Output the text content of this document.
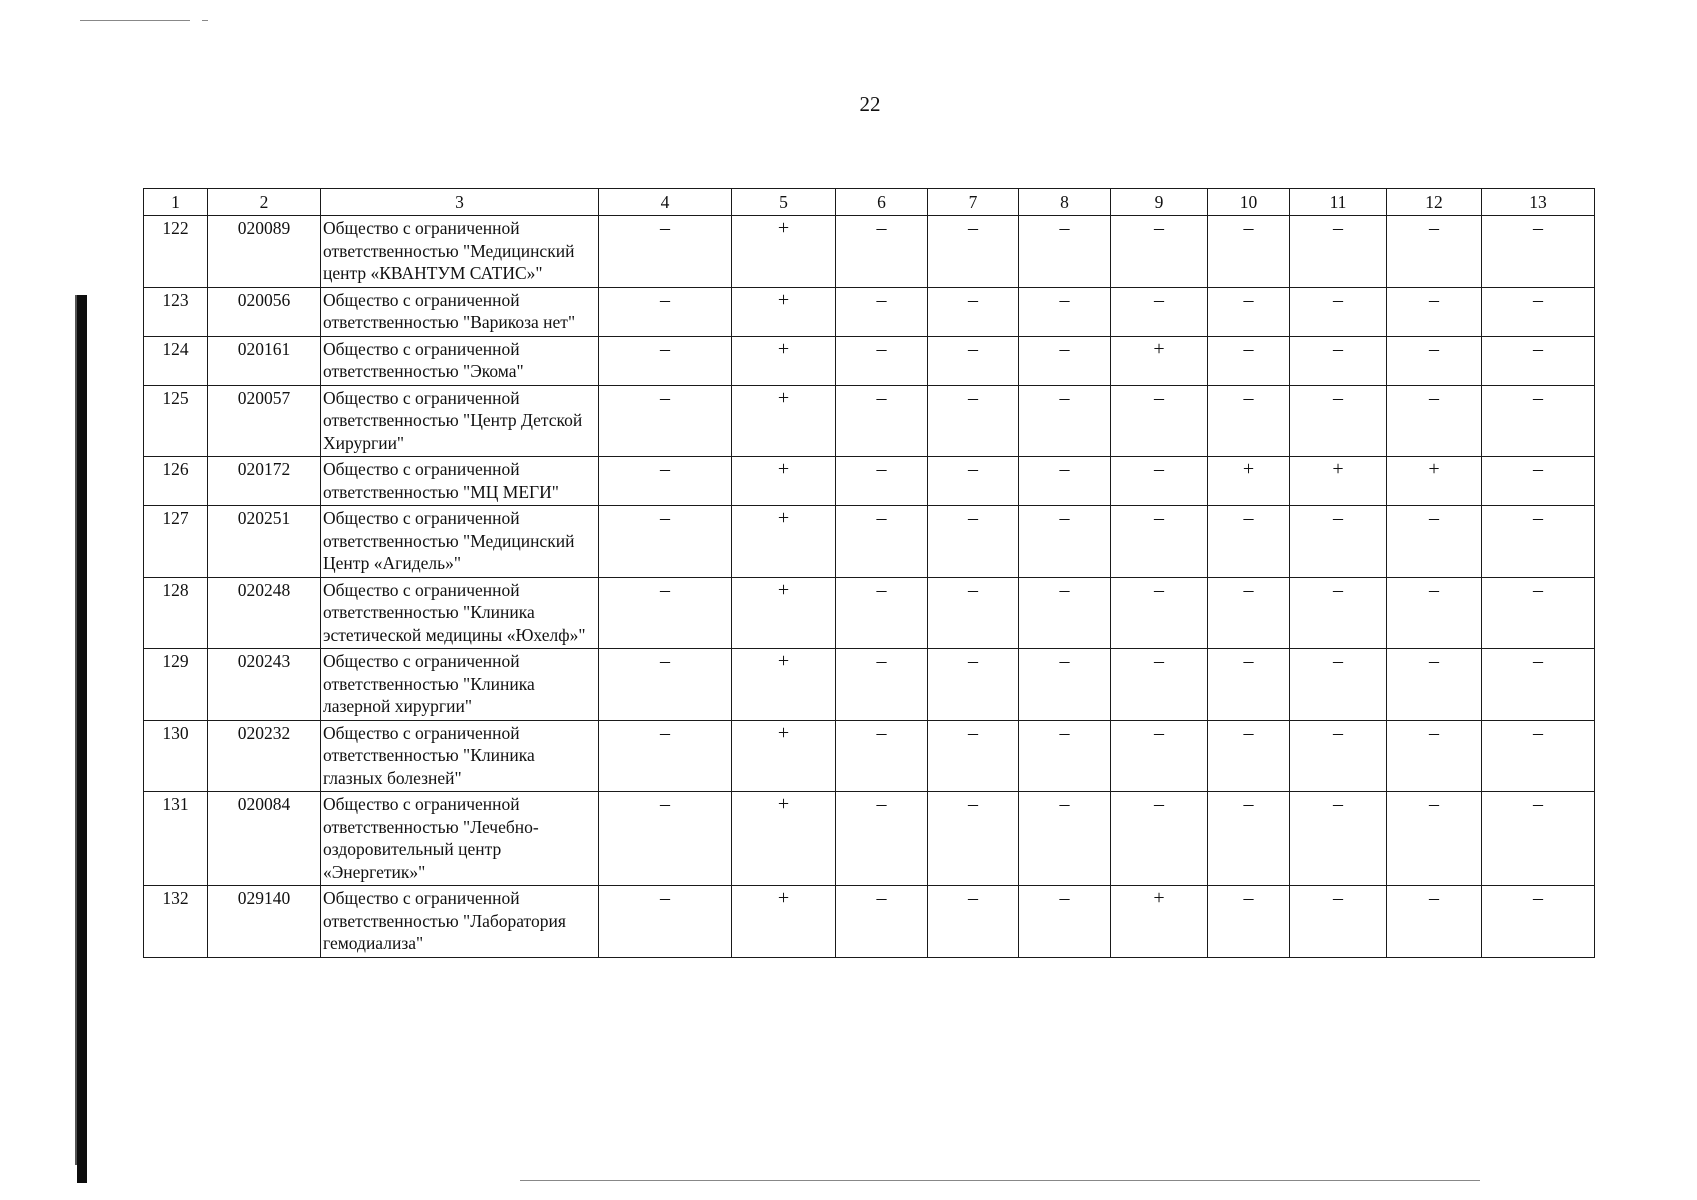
22
1	2	3	4	5	6	7	8	9	10	11	12	13
122	020089	Общество с ограниченной ответственностью "Медицинский центр «КВАНТУМ САТИС»"	–	+	–	–	–	–	–	–	–	–
123	020056	Общество с ограниченной ответственностью "Варикоза нет"	–	+	–	–	–	–	–	–	–	–
124	020161	Общество с ограниченной ответственностью "Экома"	–	+	–	–	–	+	–	–	–	–
125	020057	Общество с ограниченной ответственностью "Центр Детской Хирургии"	–	+	–	–	–	–	–	–	–	–
126	020172	Общество с ограниченной ответственностью "МЦ МЕГИ"	–	+	–	–	–	–	+	+	+	–
127	020251	Общество с ограниченной ответственностью "Медицинский Центр «Агидель»"	–	+	–	–	–	–	–	–	–	–
128	020248	Общество с ограниченной ответственностью "Клиника эстетической медицины «Юхелф»"	–	+	–	–	–	–	–	–	–	–
129	020243	Общество с ограниченной ответственностью "Клиника лазерной хирургии"	–	+	–	–	–	–	–	–	–	–
130	020232	Общество с ограниченной ответственностью "Клиника глазных болезней"	–	+	–	–	–	–	–	–	–	–
131	020084	Общество с ограниченной ответственностью "Лечебно-оздоровительный центр «Энергетик»"	–	+	–	–	–	–	–	–	–	–
132	029140	Общество с ограниченной ответственностью "Лаборатория гемодиализа"	–	+	–	–	–	+	–	–	–	–
